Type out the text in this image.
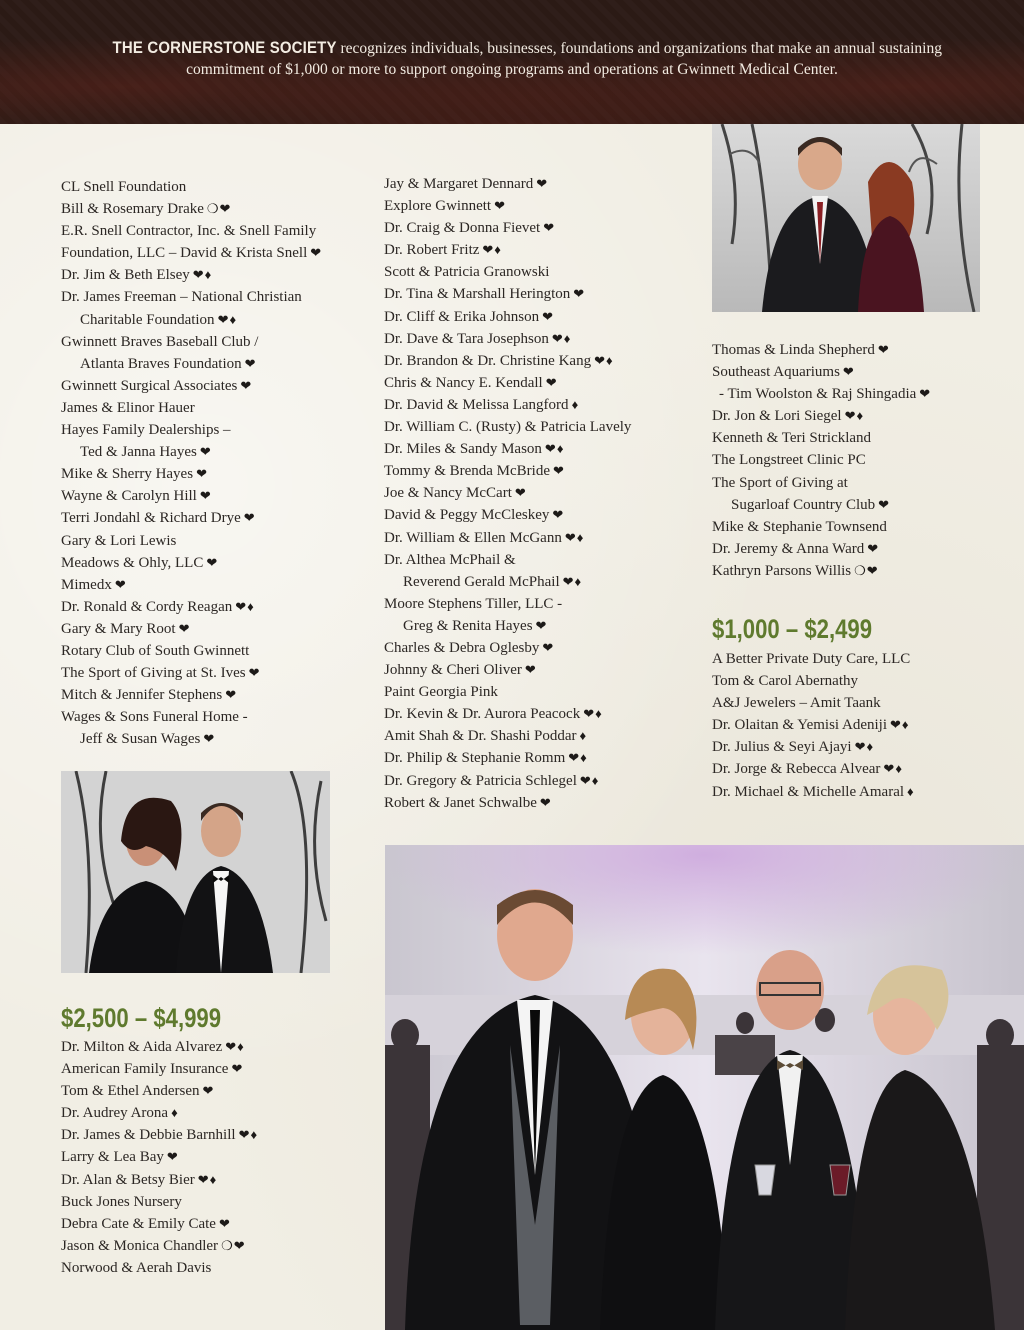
THE CORNERSTONE SOCIETY recognizes individuals, businesses, foundations and organizations that make an annual sustaining commitment of $1,000 or more to support ongoing programs and operations at Gwinnett Medical Center.
CL Snell Foundation
Bill & Rosemary Drake ❍❤
E.R. Snell Contractor, Inc. & Snell Family
Foundation, LLC – David & Krista Snell ❤
Dr. Jim & Beth Elsey ❤♦
Dr. James Freeman – National Christian
Charitable Foundation ❤♦
Gwinnett Braves Baseball Club /
Atlanta Braves Foundation ❤
Gwinnett Surgical Associates ❤
James & Elinor Hauer
Hayes Family Dealerships –
Ted & Janna Hayes ❤
Mike & Sherry Hayes ❤
Wayne & Carolyn Hill ❤
Terri Jondahl & Richard Drye ❤
Gary & Lori Lewis
Meadows & Ohly, LLC ❤
Mimedx ❤
Dr. Ronald & Cordy Reagan ❤♦
Gary & Mary Root ❤
Rotary Club of South Gwinnett
The Sport of Giving at St. Ives ❤
Mitch & Jennifer Stephens ❤
Wages & Sons Funeral Home -
Jeff & Susan Wages ❤
Jay & Margaret Dennard ❤
Explore Gwinnett ❤
Dr. Craig & Donna Fievet ❤
Dr. Robert Fritz ❤♦
Scott & Patricia Granowski
Dr. Tina & Marshall Herington ❤
Dr. Cliff & Erika Johnson ❤
Dr. Dave & Tara Josephson ❤♦
Dr. Brandon & Dr. Christine Kang ❤♦
Chris & Nancy E. Kendall ❤
Dr. David & Melissa Langford ♦
Dr. William C. (Rusty) & Patricia Lavely
Dr. Miles & Sandy Mason ❤♦
Tommy & Brenda McBride ❤
Joe & Nancy McCart ❤
David & Peggy McCleskey ❤
Dr. William & Ellen McGann ❤♦
Dr. Althea McPhail &
Reverend Gerald McPhail ❤♦
Moore Stephens Tiller, LLC -
Greg & Renita Hayes ❤
Charles & Debra Oglesby ❤
Johnny & Cheri Oliver ❤
Paint Georgia Pink
Dr. Kevin & Dr. Aurora Peacock ❤♦
Amit Shah & Dr. Shashi Poddar ♦
Dr. Philip & Stephanie Romm ❤♦
Dr. Gregory & Patricia Schlegel ❤♦
Robert & Janet Schwalbe ❤
Thomas & Linda Shepherd ❤
Southeast Aquariums ❤
- Tim Woolston & Raj Shingadia ❤
Dr. Jon & Lori Siegel ❤♦
Kenneth & Teri Strickland
The Longstreet Clinic PC
The Sport of Giving at
Sugarloaf Country Club ❤
Mike & Stephanie Townsend
Dr. Jeremy & Anna Ward ❤
Kathryn Parsons Willis ❍❤
$1,000 – $2,499
A Better Private Duty Care, LLC
Tom & Carol Abernathy
A&J Jewelers – Amit Taank
Dr. Olaitan & Yemisi Adeniji ❤♦
Dr. Julius & Seyi Ajayi ❤♦
Dr. Jorge & Rebecca Alvear ❤♦
Dr. Michael & Michelle Amaral ♦
$2,500 – $4,999
Dr. Milton & Aida Alvarez ❤♦
American Family Insurance ❤
Tom & Ethel Andersen ❤
Dr. Audrey Arona ♦
Dr. James & Debbie Barnhill ❤♦
Larry & Lea Bay ❤
Dr. Alan & Betsy Bier ❤♦
Buck Jones Nursery
Debra Cate & Emily Cate ❤
Jason & Monica Chandler ❍❤
Norwood & Aerah Davis
